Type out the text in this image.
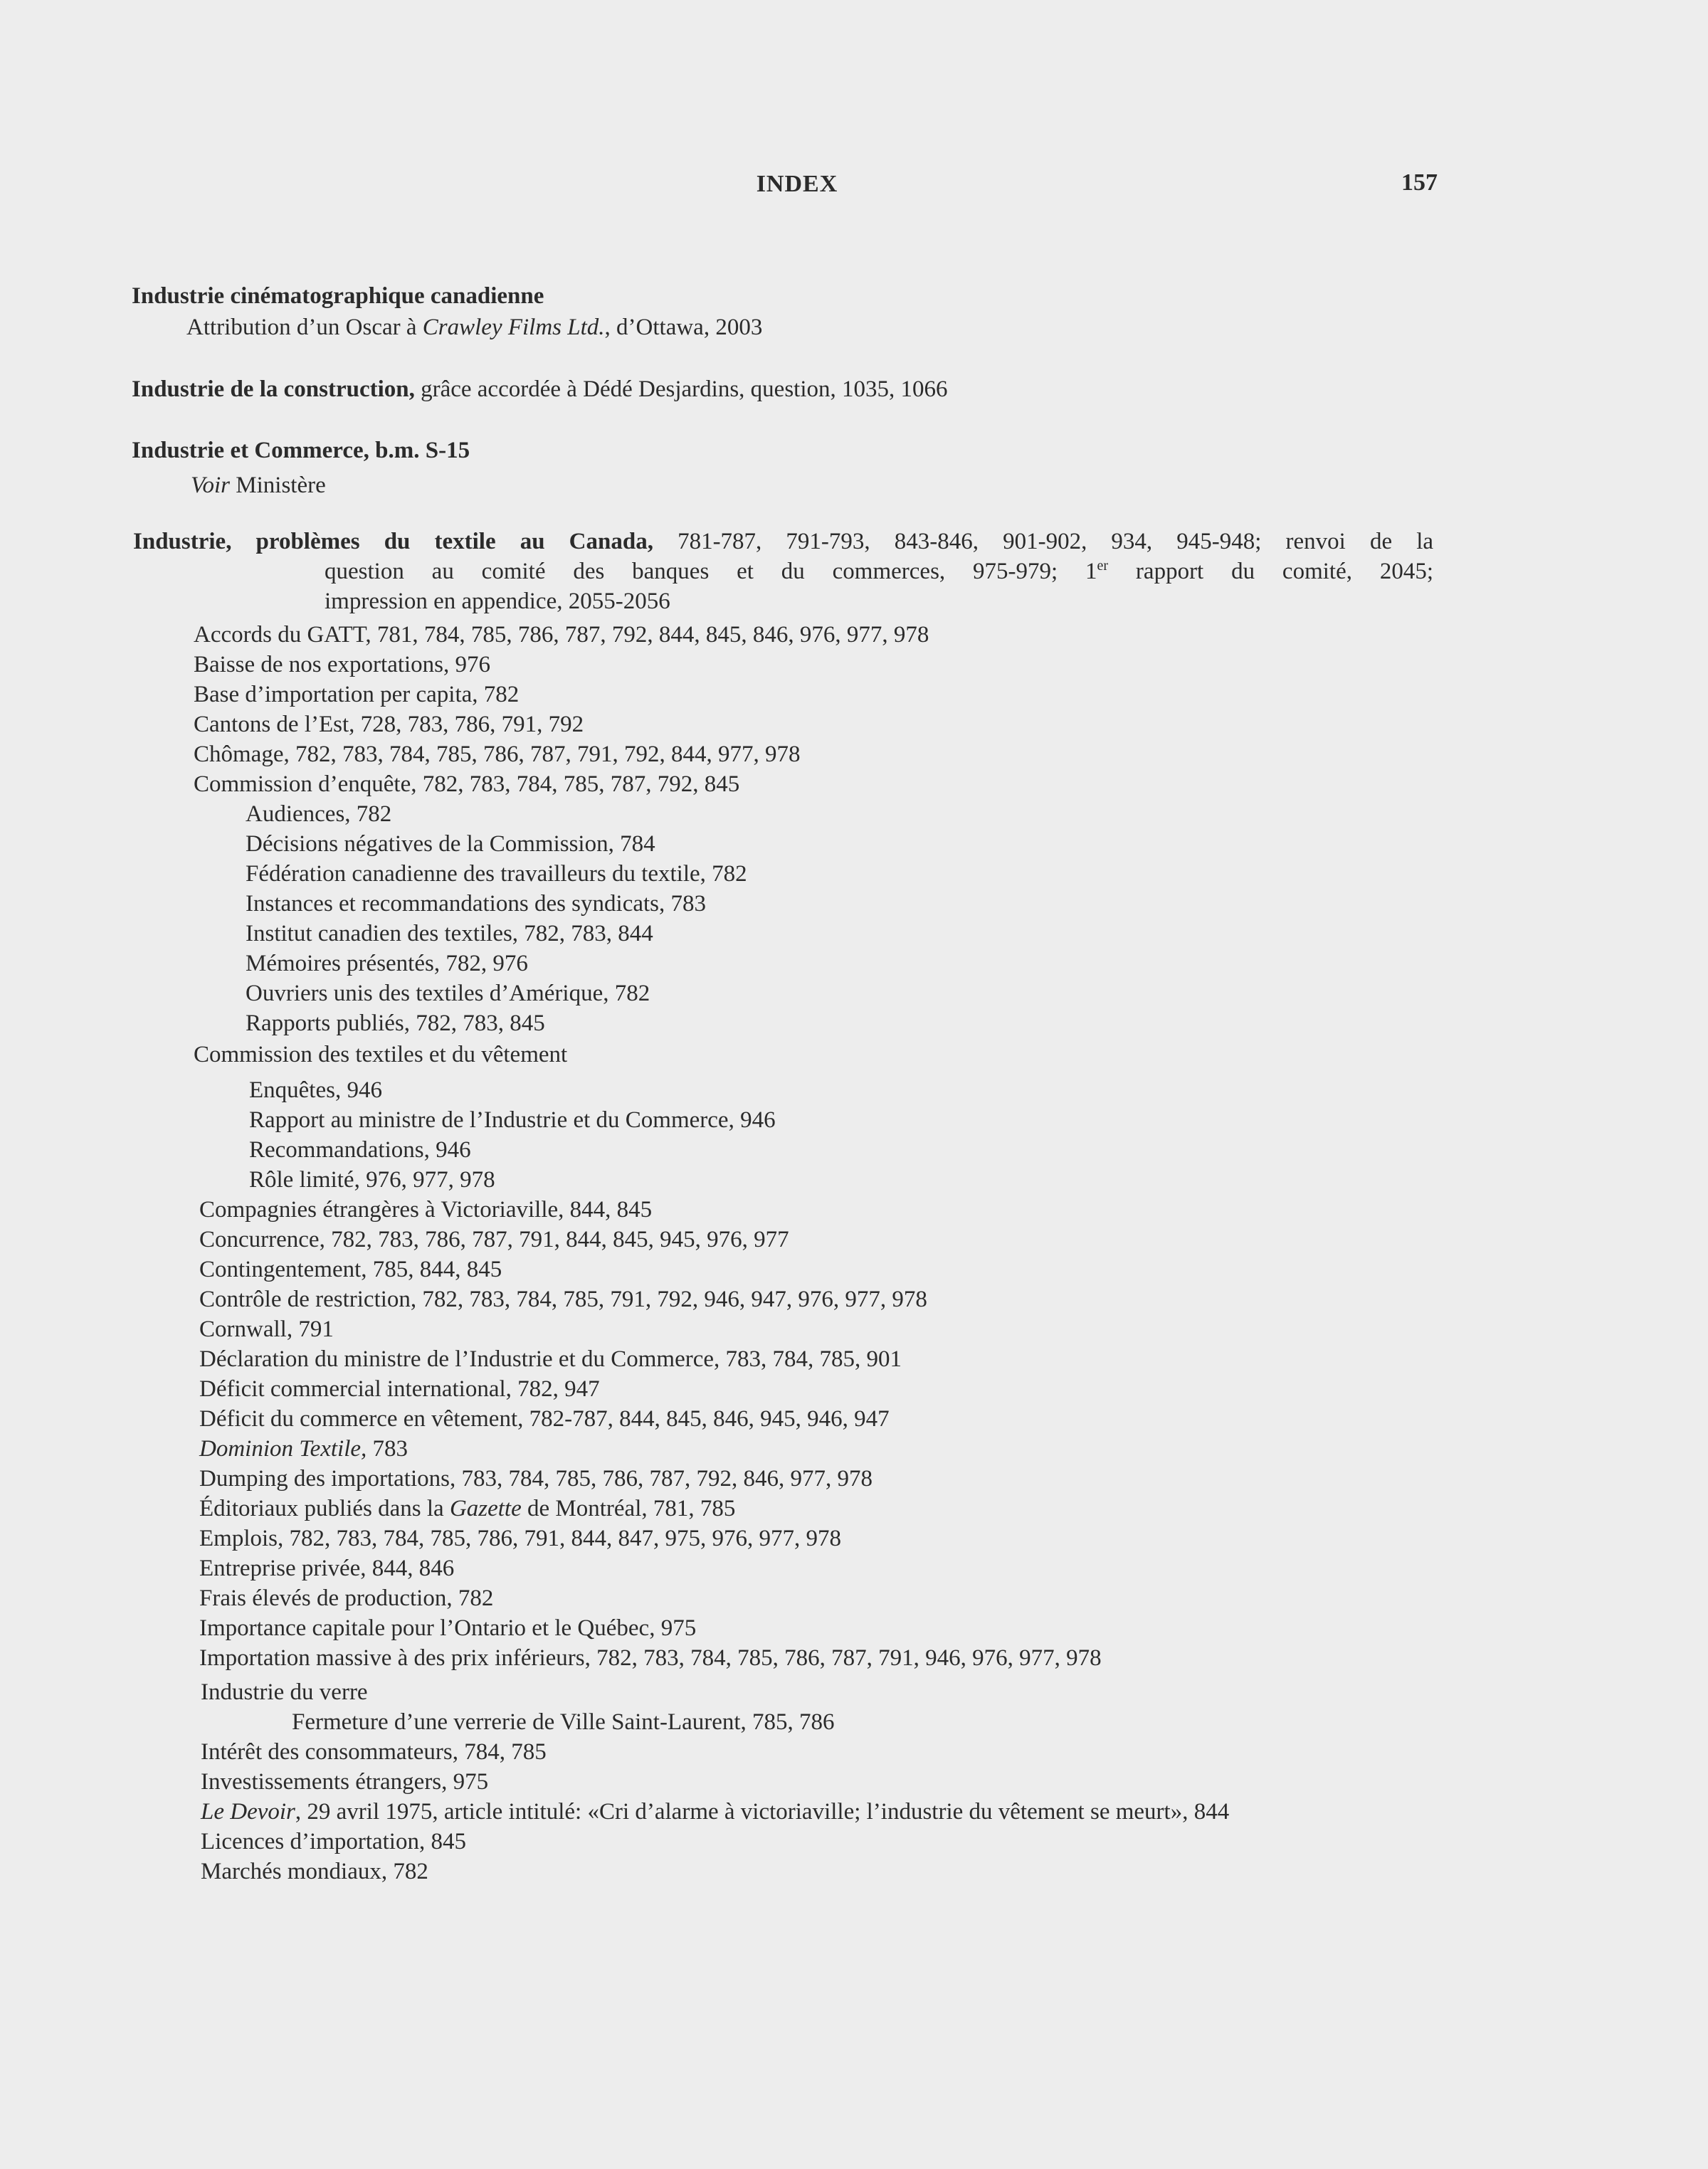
INDEX	157
Industrie cinématographique canadienne
Attribution d’un Oscar à Crawley Films Ltd., d’Ottawa, 2003
Industrie de la construction, grâce accordée à Dédé Desjardins, question, 1035, 1066
Industrie et Commerce, b.m. S-15
Voir Ministère
Industrie, problèmes du textile au Canada, 781-787, 791-793, 843-846, 901-902, 934, 945-948; renvoi de la
question au comité des banques et du commerces, 975-979; 1er rapport du comité, 2045;
impression en appendice, 2055-2056
Accords du GATT, 781, 784, 785, 786, 787, 792, 844, 845, 846, 976, 977, 978
Baisse de nos exportations, 976
Base d’importation per capita, 782
Cantons de l’Est, 728, 783, 786, 791, 792
Chômage, 782, 783, 784, 785, 786, 787, 791, 792, 844, 977, 978
Commission d’enquête, 782, 783, 784, 785, 787, 792, 845
Audiences, 782
Décisions négatives de la Commission, 784
Fédération canadienne des travailleurs du textile, 782
Instances et recommandations des syndicats, 783
Institut canadien des textiles, 782, 783, 844
Mémoires présentés, 782, 976
Ouvriers unis des textiles d’Amérique, 782
Rapports publiés, 782, 783, 845
Commission des textiles et du vêtement
Enquêtes, 946
Rapport au ministre de l’Industrie et du Commerce, 946
Recommandations, 946
Rôle limité, 976, 977, 978
Compagnies étrangères à Victoriaville, 844, 845
Concurrence, 782, 783, 786, 787, 791, 844, 845, 945, 976, 977
Contingentement, 785, 844, 845
Contrôle de restriction, 782, 783, 784, 785, 791, 792, 946, 947, 976, 977, 978
Cornwall, 791
Déclaration du ministre de l’Industrie et du Commerce, 783, 784, 785, 901
Déficit commercial international, 782, 947
Déficit du commerce en vêtement, 782-787, 844, 845, 846, 945, 946, 947
Dominion Textile, 783
Dumping des importations, 783, 784, 785, 786, 787, 792, 846, 977, 978
Éditoriaux publiés dans la Gazette de Montréal, 781, 785
Emplois, 782, 783, 784, 785, 786, 791, 844, 847, 975, 976, 977, 978
Entreprise privée, 844, 846
Frais élevés de production, 782
Importance capitale pour l’Ontario et le Québec, 975
Importation massive à des prix inférieurs, 782, 783, 784, 785, 786, 787, 791, 946, 976, 977, 978
Industrie du verre
Fermeture d’une verrerie de Ville Saint-Laurent, 785, 786
Intérêt des consommateurs, 784, 785
Investissements étrangers, 975
Le Devoir, 29 avril 1975, article intitulé: «Cri d’alarme à victoriaville; l’industrie du vêtement se meurt», 844
Licences d’importation, 845
Marchés mondiaux, 782
